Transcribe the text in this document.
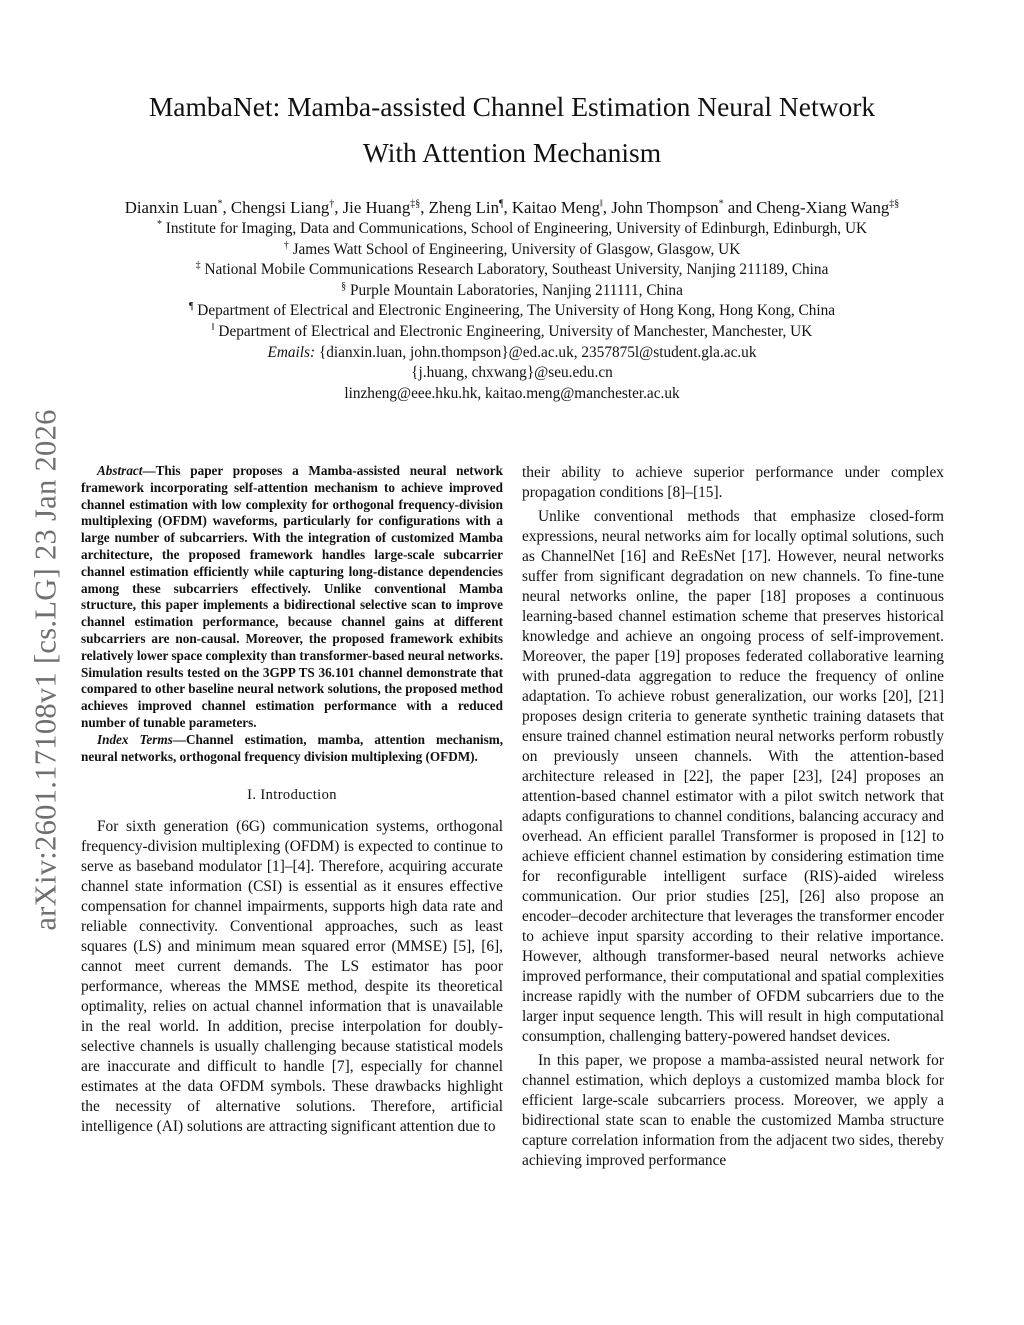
arXiv:2601.17108v1 [cs.LG] 23 Jan 2026
MambaNet: Mamba-assisted Channel Estimation Neural Network
With Attention Mechanism
Dianxin Luan*, Chengsi Liang†, Jie Huang‡§, Zheng Lin¶, Kaitao Meng‖, John Thompson* and Cheng-Xiang Wang‡§
* Institute for Imaging, Data and Communications, School of Engineering, University of Edinburgh, Edinburgh, UK
† James Watt School of Engineering, University of Glasgow, Glasgow, UK
‡ National Mobile Communications Research Laboratory, Southeast University, Nanjing 211189, China
§ Purple Mountain Laboratories, Nanjing 211111, China
¶ Department of Electrical and Electronic Engineering, The University of Hong Kong, Hong Kong, China
‖ Department of Electrical and Electronic Engineering, University of Manchester, Manchester, UK
Emails: {dianxin.luan, john.thompson}@ed.ac.uk, 2357875l@student.gla.ac.uk
{j.huang, chxwang}@seu.edu.cn
linzheng@eee.hku.hk, kaitao.meng@manchester.ac.uk

Abstract—This paper proposes a Mamba-assisted neural network framework incorporating self-attention mechanism to achieve improved channel estimation with low complexity for orthogonal frequency-division multiplexing (OFDM) waveforms, particularly for configurations with a large number of subcarriers. With the integration of customized Mamba architecture, the proposed framework handles large-scale subcarrier channel estimation efficiently while capturing long-distance dependencies among these subcarriers effectively. Unlike conventional Mamba structure, this paper implements a bidirectional selective scan to improve channel estimation performance, because channel gains at different subcarriers are non-causal. Moreover, the proposed framework exhibits relatively lower space complexity than transformer-based neural networks. Simulation results tested on the 3GPP TS 36.101 channel demonstrate that compared to other baseline neural network solutions, the proposed method achieves improved channel estimation performance with a reduced number of tunable parameters.

Index Terms—Channel estimation, mamba, attention mechanism, neural networks, orthogonal frequency division multiplexing (OFDM).

I. Introduction

For sixth generation (6G) communication systems, orthogonal frequency-division multiplexing (OFDM) is expected to continue to serve as baseband modulator [1]–[4]. Therefore, acquiring accurate channel state information (CSI) is essential as it ensures effective compensation for channel impairments, supports high data rate and reliable connectivity. Conventional approaches, such as least squares (LS) and minimum mean squared error (MMSE) [5], [6], cannot meet current demands. The LS estimator has poor performance, whereas the MMSE method, despite its theoretical optimality, relies on actual channel information that is unavailable in the real world. In addition, precise interpolation for doubly-selective channels is usually challenging because statistical models are inaccurate and difficult to handle [7], especially for channel estimates at the data OFDM symbols. These drawbacks highlight the necessity of alternative solutions. Therefore, artificial intelligence (AI) solutions are attracting significant attention due to

their ability to achieve superior performance under complex propagation conditions [8]–[15].

Unlike conventional methods that emphasize closed-form expressions, neural networks aim for locally optimal solutions, such as ChannelNet [16] and ReEsNet [17]. However, neural networks suffer from significant degradation on new channels. To fine-tune neural networks online, the paper [18] proposes a continuous learning-based channel estimation scheme that preserves historical knowledge and achieve an ongoing process of self-improvement. Moreover, the paper [19] proposes federated collaborative learning with pruned-data aggregation to reduce the frequency of online adaptation. To achieve robust generalization, our works [20], [21] proposes design criteria to generate synthetic training datasets that ensure trained channel estimation neural networks perform robustly on previously unseen channels. With the attention-based architecture released in [22], the paper [23], [24] proposes an attention-based channel estimator with a pilot switch network that adapts configurations to channel conditions, balancing accuracy and overhead. An efficient parallel Transformer is proposed in [12] to achieve efficient channel estimation by considering estimation time for reconfigurable intelligent surface (RIS)-aided wireless communication. Our prior studies [25], [26] also propose an encoder–decoder architecture that leverages the transformer encoder to achieve input sparsity according to their relative importance. However, although transformer-based neural networks achieve improved performance, their computational and spatial complexities increase rapidly with the number of OFDM subcarriers due to the larger input sequence length. This will result in high computational consumption, challenging battery-powered handset devices.

In this paper, we propose a mamba-assisted neural network for channel estimation, which deploys a customized mamba block for efficient large-scale subcarriers process. Moreover, we apply a bidirectional state scan to enable the customized Mamba structure capture correlation information from the adjacent two sides, thereby achieving improved performance
